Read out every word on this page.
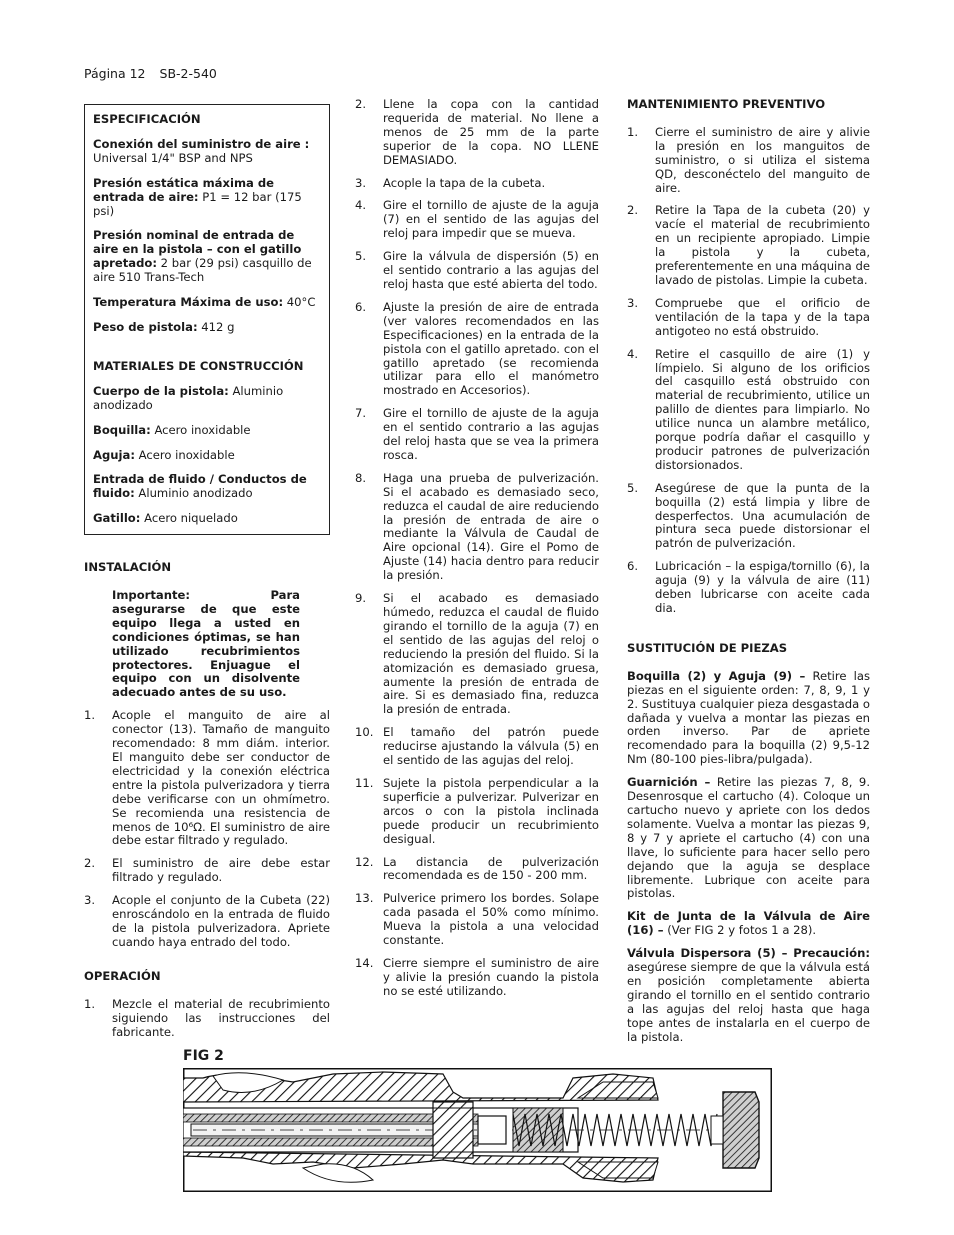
Página 12 SB-2-540

ESPECIFICACIÓN

Conexión del suministro de aire :
Universal 1/4" BSP and NPS

Presión estática máxima de entrada de aire: P1 = 12 bar (175 psi)

Presión nominal de entrada de aire en la pistola – con el gatillo apretado: 2 bar (29 psi) casquillo de aire 510 Trans-Tech

Temperatura Máxima de uso: 40°C

Peso de pistola: 412 g

MATERIALES DE CONSTRUCCIÓN

Cuerpo de la pistola: Aluminio anodizado

Boquilla: Acero inoxidable

Aguja: Acero inoxidable

Entrada de fluido / Conductos de fluido: Aluminio anodizado

Gatillo: Acero niquelado

INSTALACIÓN

Importante: Para asegurarse de que este equipo llega a usted en condiciones óptimas, se han utilizado recubrimientos protectores. Enjuague el equipo con un disolvente adecuado antes de su uso.

1. Acople el manguito de aire al conector (13). Tamaño de manguito recomendado: 8 mm diám. interior. El manguito debe ser conductor de electricidad y la conexión eléctrica entre la pistola pulverizadora y tierra debe verificarse con un ohmímetro. Se recomienda una resistencia de menos de 10⁶Ω. El suministro de aire debe estar filtrado y regulado.
2. El suministro de aire debe estar filtrado y regulado.
3. Acople el conjunto de la Cubeta (22) enroscándolo en la entrada de fluido de la pistola pulverizadora. Apriete cuando haya entrado del todo.

OPERACIÓN

1. Mezcle el material de recubrimiento siguiendo las instrucciones del fabricante.
2. Llene la copa con la cantidad requerida de material. No llene a menos de 25 mm de la parte superior de la copa. NO LLENE DEMASIADO.
3. Acople la tapa de la cubeta.
4. Gire el tornillo de ajuste de la aguja (7) en el sentido de las agujas del reloj para impedir que se mueva.
5. Gire la válvula de dispersión (5) en el sentido contrario a las agujas del reloj hasta que esté abierta del todo.
6. Ajuste la presión de aire de entrada (ver valores recomendados en las Especificaciones) en la entrada de la pistola con el gatillo apretado. con el gatillo apretado (se recomienda utilizar para ello el manómetro mostrado en Accesorios).
7. Gire el tornillo de ajuste de la aguja en el sentido contrario a las agujas del reloj hasta que se vea la primera rosca.
8. Haga una prueba de pulverización. Si el acabado es demasiado seco, reduzca el caudal de aire reduciendo la presión de entrada de aire o mediante la Válvula de Caudal de Aire opcional (14). Gire el Pomo de Ajuste (14) hacia dentro para reducir la presión.
9. Si el acabado es demasiado húmedo, reduzca el caudal de fluido girando el tornillo de la aguja (7) en el sentido de las agujas del reloj o reduciendo la presión del fluido. Si la atomización es demasiado gruesa, aumente la presión de entrada de aire. Si es demasiado fina, reduzca la presión de entrada.
10. El tamaño del patrón puede reducirse ajustando la válvula (5) en el sentido de las agujas del reloj.
11. Sujete la pistola perpendicular a la superficie a pulverizar. Pulverizar en arcos o con la pistola inclinada puede producir un recubrimiento desigual.
12. La distancia de pulverización recomendada es de 150 - 200 mm.
13. Pulverice primero los bordes. Solape cada pasada el 50% como mínimo. Mueva la pistola a una velocidad constante.
14. Cierre siempre el suministro de aire y alivie la presión cuando la pistola no se esté utilizando.

MANTENIMIENTO PREVENTIVO

1. Cierre el suministro de aire y alivie la presión en los manguitos de suministro, o si utiliza el sistema QD, desconéctelo del manguito de aire.
2. Retire la Tapa de la cubeta (20) y vacíe el material de recubrimiento en un recipiente apropiado. Limpie la pistola y la cubeta, preferentemente en una máquina de lavado de pistolas. Limpie la cubeta.
3. Compruebe que el orificio de ventilación de la tapa y de la tapa antigoteo no está obstruido.
4. Retire el casquillo de aire (1) y límpielo. Si alguno de los orificios del casquillo está obstruido con material de recubrimiento, utilice un palillo de dientes para limpiarlo. No utilice nunca un alambre metálico, porque podría dañar el casquillo y producir patrones de pulverización distorsionados.
5. Asegúrese de que la punta de la boquilla (2) está limpia y libre de desperfectos. Una acumulación de pintura seca puede distorsionar el patrón de pulverización.
6. Lubricación – la espiga/tornillo (6), la aguja (9) y la válvula de aire (11) deben lubricarse con aceite cada dia.

SUSTITUCIÓN DE PIEZAS

Boquilla (2) y Aguja (9) – Retire las piezas en el siguiente orden: 7, 8, 9, 1 y 2. Sustituya cualquier pieza desgastada o dañada y vuelva a montar las piezas en orden inverso. Par de apriete recomendado para la boquilla (2) 9,5-12 Nm (80-100 pies-libra/pulgada).

Guarnición – Retire las piezas 7, 8, 9. Desenrosque el cartucho (4). Coloque un cartucho nuevo y apriete con los dedos solamente. Vuelva a montar las piezas 9, 8 y 7 y apriete el cartucho (4) con una llave, lo suficiente para hacer sello pero dejando que la aguja se desplace libremente. Lubrique con aceite para pistolas.

Kit de Junta de la Válvula de Aire (16) – (Ver FIG 2 y fotos 1 a 28).

Válvula Dispersora (5) – Precaución: asegúrese siempre de que la válvula está en posición completamente abierta girando el tornillo en el sentido contrario a las agujas del reloj hasta que haga tope antes de instalarla en el cuerpo de la pistola.

FIG 2
